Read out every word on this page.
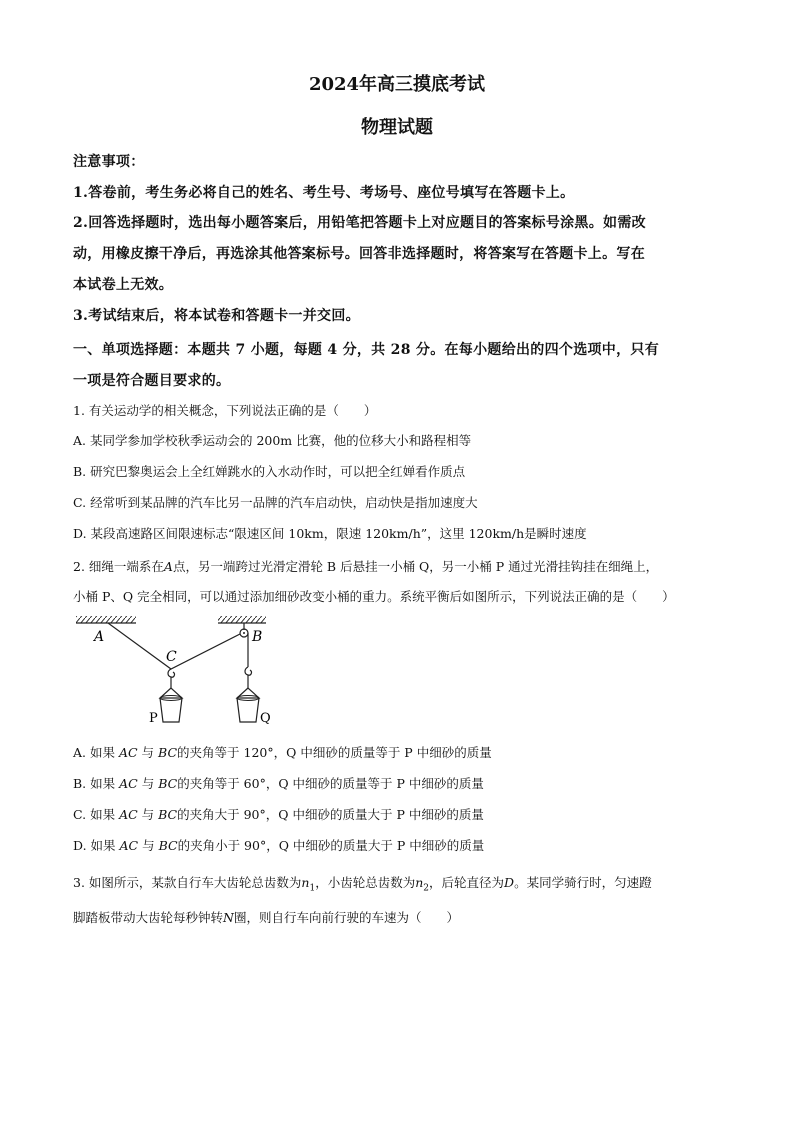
2024年高三摸底考试
物理试题
注意事项：
1.答卷前，考生务必将自己的姓名、考生号、考场号、座位号填写在答题卡上。
2.回答选择题时，选出每小题答案后，用铅笔把答题卡上对应题目的答案标号涂黑。如需改
动，用橡皮擦干净后，再选涂其他答案标号。回答非选择题时，将答案写在答题卡上。写在
本试卷上无效。
3.考试结束后，将本试卷和答题卡一并交回。
一、单项选择题：本题共 7 小题，每题 4 分，共 28 分。在每小题给出的四个选项中，只有
一项是符合题目要求的。
1. 有关运动学的相关概念，下列说法正确的是（　　）
A. 某同学参加学校秋季运动会的 200m 比赛，他的位移大小和路程相等
B. 研究巴黎奥运会上全红婵跳水的入水动作时，可以把全红婵看作质点
C. 经常听到某品牌的汽车比另一品牌的汽车启动快，启动快是指加速度大
D. 某段高速路区间限速标志“限速区间 10km，限速 120km/h”，这里 120km/h是瞬时速度
2. 细绳一端系在A点，另一端跨过光滑定滑轮 B 后悬挂一小桶 Q，另一小桶 P 通过光滑挂钩挂在细绳上，
小桶 P、Q 完全相同，可以通过添加细砂改变小桶的重力。系统平衡后如图所示，下列说法正确的是（　　）
A	B
C
P	Q
A. 如果 AC 与 BC的夹角等于 120°，Q 中细砂的质量等于 P 中细砂的质量
B. 如果 AC 与 BC的夹角等于 60°，Q 中细砂的质量等于 P 中细砂的质量
C. 如果 AC 与 BC的夹角大于 90°，Q 中细砂的质量大于 P 中细砂的质量
D. 如果 AC 与 BC的夹角小于 90°，Q 中细砂的质量大于 P 中细砂的质量
3. 如图所示，某款自行车大齿轮总齿数为$n_1$，小齿轮总齿数为$n_2$，后轮直径为D。某同学骑行时，匀速蹬
脚踏板带动大齿轮每秒钟转N圈，则自行车向前行驶的车速为（　　）
